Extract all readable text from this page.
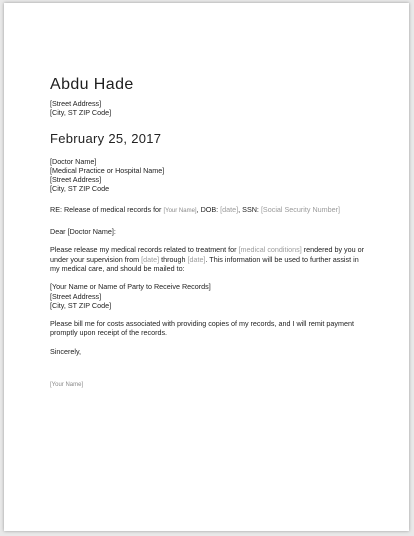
Abdu Hade
[Street Address]
[City, ST ZIP Code]
February 25, 2017
[Doctor Name]
[Medical Practice or Hospital Name]
[Street Address]
[City, ST ZIP Code

RE: Release of medical records for [Your Name], DOB: [date], SSN: [Social Security Number]

Dear [Doctor Name]:

Please release my medical records related to treatment for [medical conditions] rendered by you or under your supervision from [date] through [date]. This information will be used to further assist in my medical care, and should be mailed to:

[Your Name or Name of Party to Receive Records]
[Street Address]
[City, ST ZIP Code]

Please bill me for costs associated with providing copies of my records, and I will remit payment promptly upon receipt of the records.

Sincerely,

[Your Name]
